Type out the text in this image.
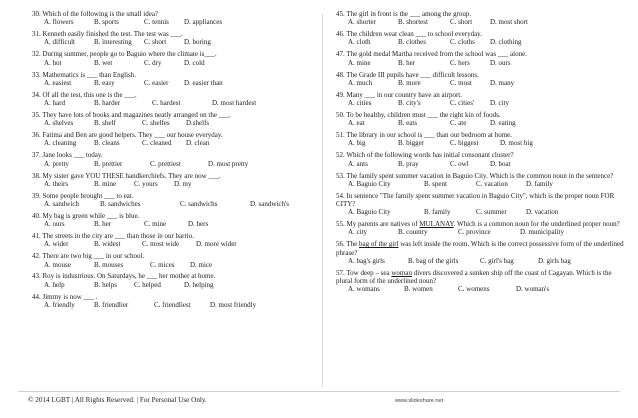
30. Which of the following is the small idea?
A. flowers	B. sports	C. tennis	D. appliances
31. Kenneth easily finished the test. The test was ___.
A. difficult	B. interesting	C. short	D. boring
32. During summer, people go to Baguio where the climate is___.
A. hot	B. wet	C. dry	D. cold
33. Mathematics is ___ than English.
A. easiest	B. easy	C. easier	D. easier than
34. Of all the test, this one is the ___.
A. hard	B. harder	C. hardest	D. most hardest
35. They have lots of books and magazines neatly arranged on the ___.
A. shelves	B. shelf	C. shelfes	D.shelfs
36. Fatima and Ben are good helpers. They ___ our house everyday.
A. cleaning	B. cleans	C. cleaned	D. clean
37. Jane looks ___ today.
A. pretty	B. prettier	C. prettiest	D. most pretty
38. My sister gave YOU THESE handkerchiefs. They are now ___.
A. theirs	B. mine	C. yours	D. my
39. Some people brought ___ to eat.
A. sandwich	B. sandwiches	C. sandwichs	D. sandwich's
40. My bag is green while ___ is blue.
A. ours	B. her	C. mine	D. hers
41. The streets in the city are ___ than those in our barrio.
A. wider	B. widest	C. most wide	D. more wider
42. There are two big ___ in our school.
A. mouse	B. mouses	C. mices	D. mice
43. Roy is industrious. On Saturdays, he ___ her mother at home.
A. help	B. helps	C. helped	D. helping
44. Jimmy is now ___ .
A. friendly	B. friendlier	C. friendliest	D. most friendly
45. The girl in front is the ___ among the group.
A. shorter	B. shortest	C. short	D. most short
46. The children wear clean ___ to school everyday.
A. cloth	B. clothes	C. cloths	D. clothing
47. The gold medal Martha received from the school was ___ alone.
A. mine	B. her	C. hers	D. ours
48. The Grade III pupils have ___ difficult lessons.
A. much	B. more	C. most	D. many
49. Many ___ in our country have an airport.
A. cities	B. city's	C. cities'	D. city
50. To be healthy, children must ___ the right kin of foods.
A. eat	B. eats	C. ate	D. eating
51. The library in our school is ___ than our bedroom at home.
A. big	B. bigger	C. biggest	D. most big
52. Which of the following words has initial consonant cluster?
A. ants	B. pray	C. owl	D. boat
53. The family spent summer vacation in Baguio City. Which is the common noun in the sentence?
A. Baguio City	B. spent	C. vacation	D. family
54. In sentence "The family spent summer vacation in Baguio City", which is the proper noun FOR CITY?
A. Baguio City	B. family	C. summer	D. vacation
55. My parents are natives of MULANAY. Which is a common noun for the underlined proper noun?
A. city	B. country	C. province	D. municipality
56. The bag of the girl was left inside the room. Which is the correct possessive form of the underlined phrase?
A. bag's girls	B. bag of the girls	C. girl's bag	D. girls bag
57. Tow deep – sea woman divers discovered a sunken ship off the coast of Cagayan. Which is the plural form of the underlined noun?
A. womans	B. women	C. womens	D. woman's
© 2014 LGBT | All Rights Reserved. | For Personal Use Only.	www.slideshare.net
